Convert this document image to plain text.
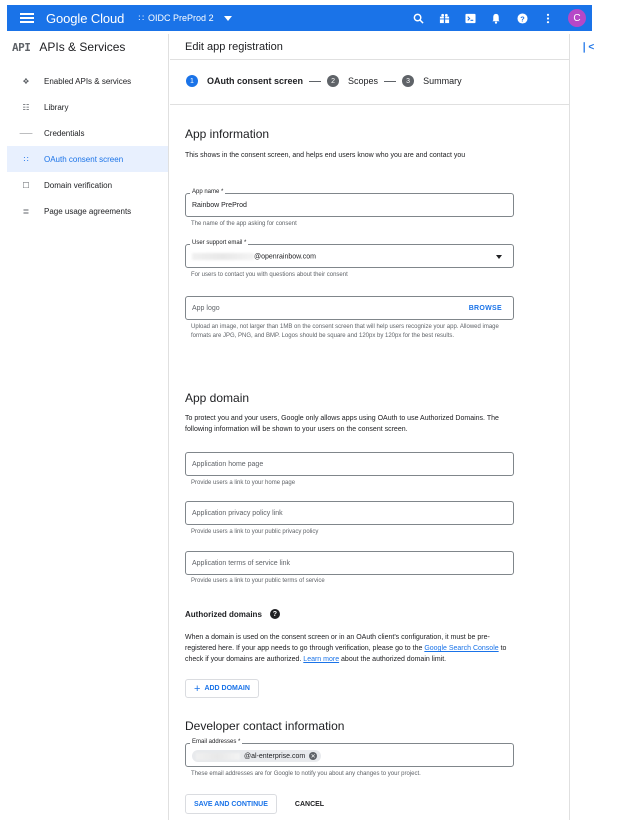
Google Cloud ∷ OIDC PreProd 2	?	C
API APIs & Services
❖ Enabled APIs & services
☷ Library
⸺ Credentials
∷	OAuth consent screen
☐ Domain verification
≣ Page usage agreements
❘<
Edit app registration
1	OAuth consent screen	2	Scopes	3	Summary
App information
This shows in the consent screen, and helps end users know who you are and contact you
App name *
Rainbow PreProd
The name of the app asking for consent
User support email *
@openrainbow.com
For users to contact you with questions about their consent
App logo	BROWSE
Upload an image, not larger than 1MB on the consent screen that will help users recognize your app. Allowed image formats are JPG, PNG, and BMP. Logos should be square and 120px by 120px for the best results.
App domain
To protect you and your users, Google only allows apps using OAuth to use Authorized Domains. The following information will be shown to your users on the consent screen.
Application home page
Provide users a link to your home page
Application privacy policy link
Provide users a link to your public privacy policy
Application terms of service link
Provide users a link to your public terms of service
Authorized domains	?
When a domain is used on the consent screen or in an OAuth client's configuration, it must be pre-registered here. If your app needs to go through verification, please go to the Google Search Console to check if your domains are authorized. Learn more about the authorized domain limit.
+ ADD DOMAIN
Developer contact information
Email addresses *
@al-enterprise.com ✕
These email addresses are for Google to notify you about any changes to your project.
SAVE AND CONTINUE	CANCEL
